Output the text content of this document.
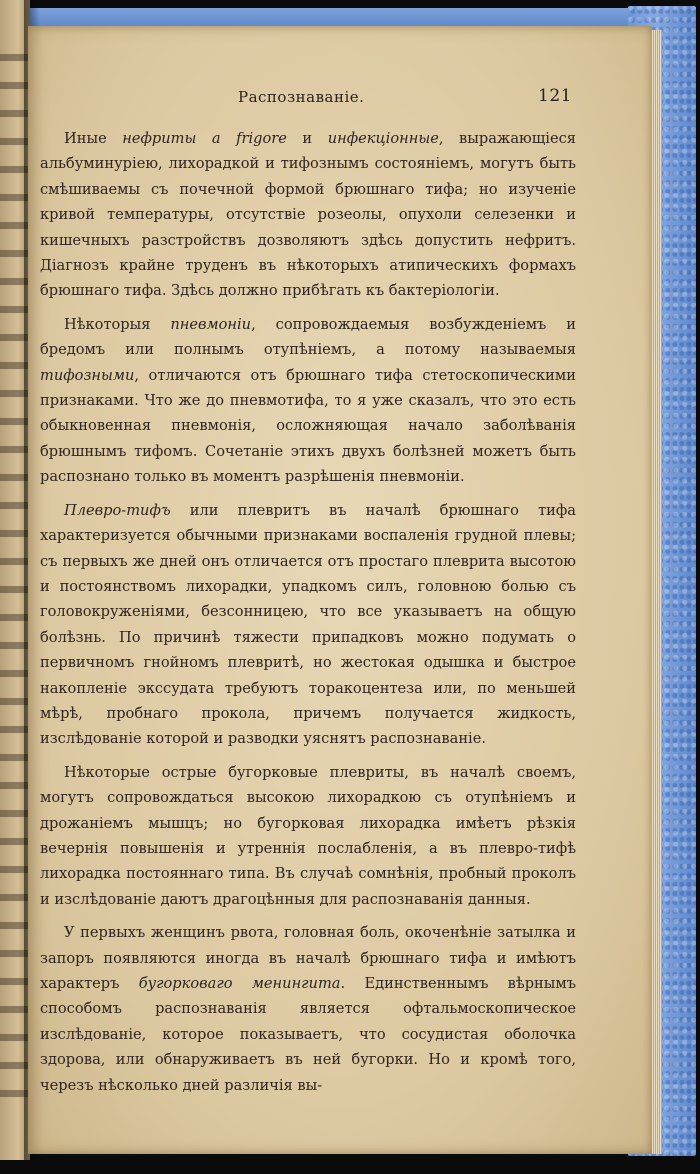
Распознаванiе.	121

Иные нефриты a frigore и инфекцiонные, выражающiеся альбуминурiею, лихорадкой и тифознымъ состоянiемъ, могутъ быть смѣшиваемы съ почечной формой брюшнаго тифа; но изученiе кривой температуры, отсутствiе розеолы, опухоли селезенки и кишечныхъ разстройствъ дозволяютъ здѣсь допустить нефритъ. Дiагнозъ крайне труденъ въ нѣкоторыхъ атипическихъ формахъ брюшнаго тифа. Здѣсь должно прибѣгать къ бактерiологiи.

Нѣкоторыя пневмонiи, сопровождаемыя возбужденiемъ и бредомъ или полнымъ отупѣнiемъ, а потому называемыя тифозными, отличаются отъ брюшнаго тифа стетоскопическими признаками. Что же до пневмотифа, то я уже сказалъ, что это есть обыкновенная пневмонiя, осложняющая начало заболѣванiя брюшнымъ тифомъ. Сочетанiе этихъ двухъ болѣзней можетъ быть распознано только въ моментъ разрѣшенiя пневмонiи.

Плевро-тифъ или плевритъ въ началѣ брюшнаго тифа характеризуется обычными признаками воспаленiя грудной плевы; съ первыхъ же дней онъ отличается отъ простаго плеврита высотою и постоянствомъ лихорадки, упадкомъ силъ, головною болью съ головокруженiями, безсонницею, что все указываетъ на общую болѣзнь. По причинѣ тяжести припадковъ можно подумать о первичномъ гнойномъ плевритѣ, но жестокая одышка и быстрое накопленiе экссудата требуютъ торакоцентеза или, по меньшей мѣрѣ, пробнаго прокола, причемъ получается жидкость, изслѣдованiе которой и разводки уяснятъ распознаванiе.

Нѣкоторые острые бугорковые плевриты, въ началѣ своемъ, могутъ сопровождаться высокою лихорадкою съ отупѣнiемъ и дрожанiемъ мышцъ; но бугорковая лихорадка имѣетъ рѣзкiя вечернiя повышенiя и утреннiя послабленiя, а въ плевро-тифѣ лихорадка постояннаго типа. Въ случаѣ сомнѣнiя, пробный проколъ и изслѣдованiе даютъ драгоцѣнныя для распознаванiя данныя.

У первыхъ женщинъ рвота, головная боль, окоченѣнiе затылка и запоръ появляются иногда въ началѣ брюшнаго тифа и имѣютъ характеръ бугорковаго менингита. Единственнымъ вѣрнымъ способомъ распознаванiя является офтальмоскопическое изслѣдованiе, которое показываетъ, что сосудистая оболочка здорова, или обнаруживаетъ въ ней бугорки. Но и кромѣ того, черезъ нѣсколько дней различiя вы-
